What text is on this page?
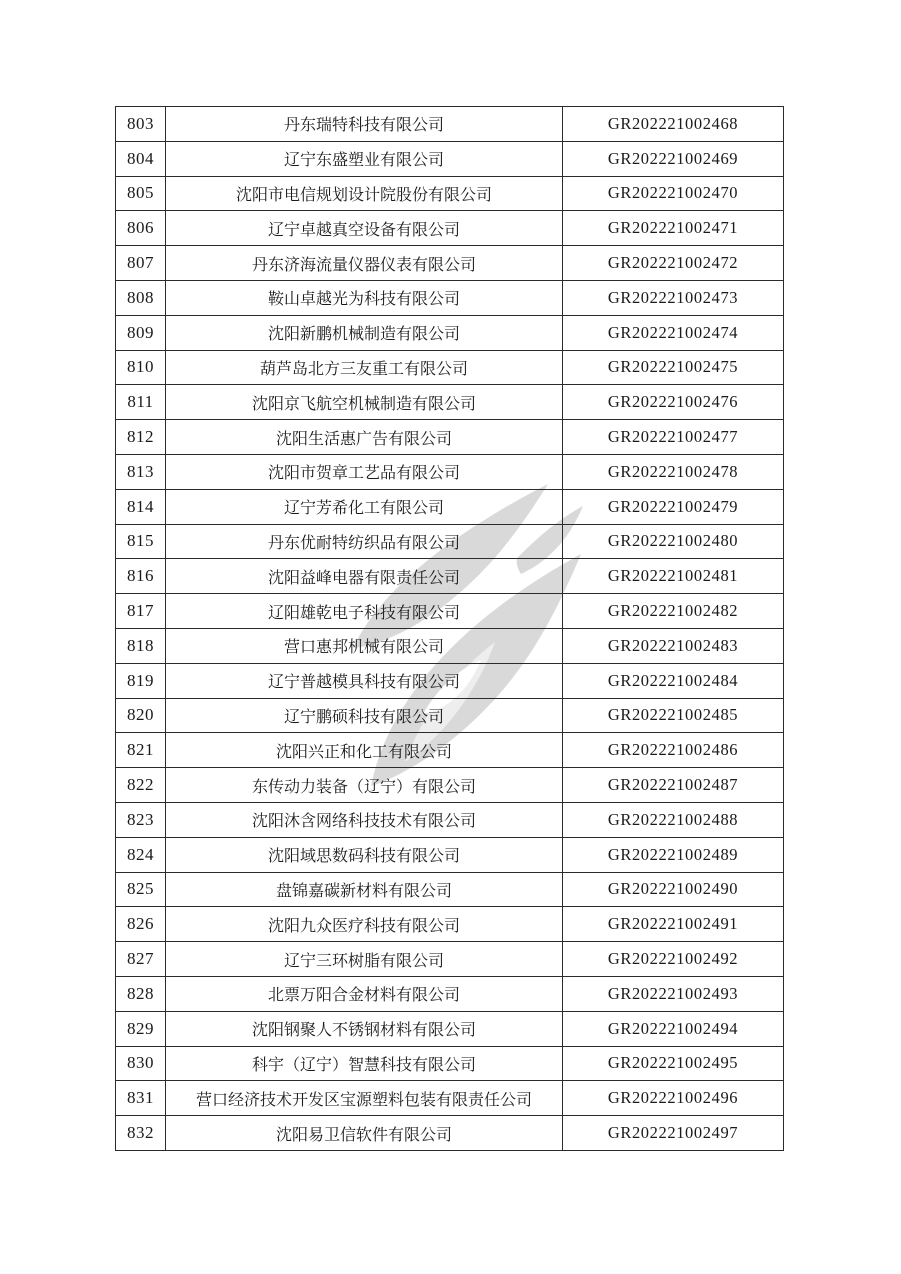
803	丹东瑞特科技有限公司	GR202221002468
804	辽宁东盛塑业有限公司	GR202221002469
805	沈阳市电信规划设计院股份有限公司	GR202221002470
806	辽宁卓越真空设备有限公司	GR202221002471
807	丹东济海流量仪器仪表有限公司	GR202221002472
808	鞍山卓越光为科技有限公司	GR202221002473
809	沈阳新鹏机械制造有限公司	GR202221002474
810	葫芦岛北方三友重工有限公司	GR202221002475
811	沈阳京飞航空机械制造有限公司	GR202221002476
812	沈阳生活惠广告有限公司	GR202221002477
813	沈阳市贺章工艺品有限公司	GR202221002478
814	辽宁芳希化工有限公司	GR202221002479
815	丹东优耐特纺织品有限公司	GR202221002480
816	沈阳益峰电器有限责任公司	GR202221002481
817	辽阳雄乾电子科技有限公司	GR202221002482
818	营口惠邦机械有限公司	GR202221002483
819	辽宁普越模具科技有限公司	GR202221002484
820	辽宁鹏硕科技有限公司	GR202221002485
821	沈阳兴正和化工有限公司	GR202221002486
822	东传动力装备（辽宁）有限公司	GR202221002487
823	沈阳沐含网络科技技术有限公司	GR202221002488
824	沈阳域思数码科技有限公司	GR202221002489
825	盘锦嘉碳新材料有限公司	GR202221002490
826	沈阳九众医疗科技有限公司	GR202221002491
827	辽宁三环树脂有限公司	GR202221002492
828	北票万阳合金材料有限公司	GR202221002493
829	沈阳钢聚人不锈钢材料有限公司	GR202221002494
830	科宇（辽宁）智慧科技有限公司	GR202221002495
831	营口经济技术开发区宝源塑料包装有限责任公司	GR202221002496
832	沈阳易卫信软件有限公司	GR202221002497
